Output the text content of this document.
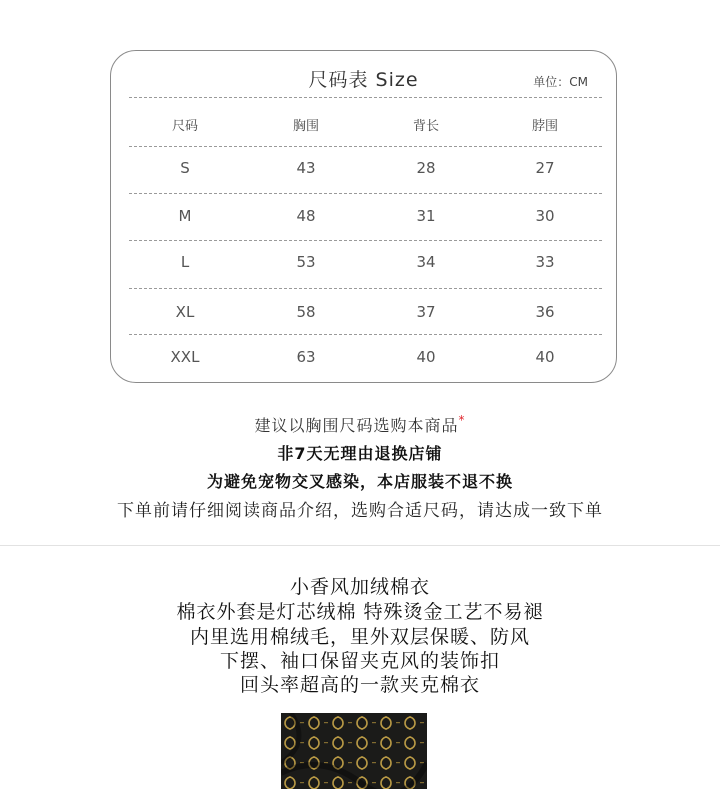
尺码表 Size	单位：CM
尺码	胸围	背长	脖围
S	43	28	27
M	48	31	30
L	53	34	33
XL	58	37	36
XXL	63	40	40
建议以胸围尺码选购本商品*
非7天无理由退换店铺
为避免宠物交叉感染，本店服装不退不换
下单前请仔细阅读商品介绍，选购合适尺码，请达成一致下单
小香风加绒棉衣
棉衣外套是灯芯绒棉 特殊烫金工艺不易褪
内里选用棉绒毛，里外双层保暖、防风
下摆、袖口保留夹克风的装饰扣
回头率超高的一款夹克棉衣
